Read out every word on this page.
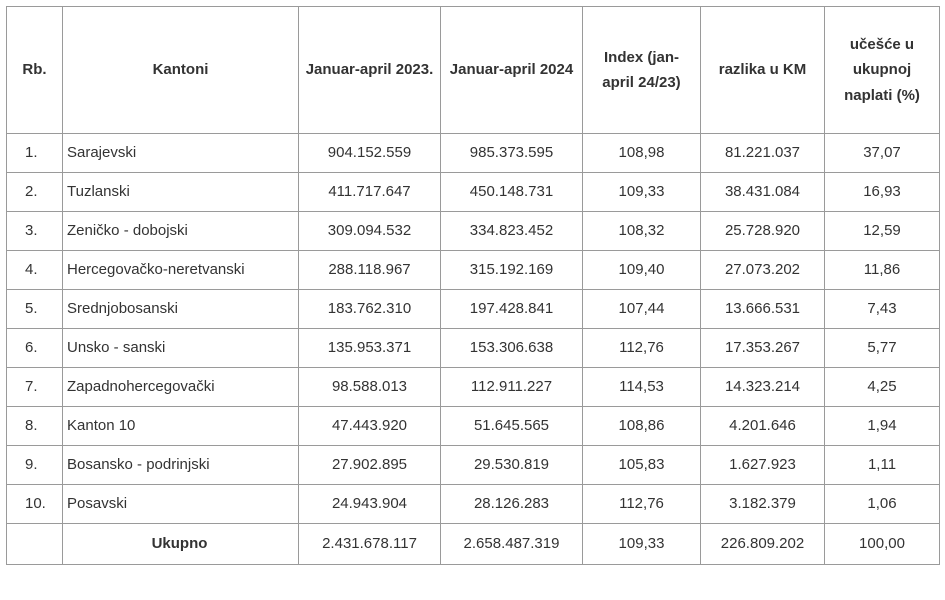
Rb.	Kantoni	Januar-april 2023.	Januar-april 2024	Index (jan-april 24/23)	razlika u KM	učešće u ukupnoj naplati (%)
1.	Sarajevski	904.152.559	985.373.595	108,98	81.221.037	37,07
2.	Tuzlanski	411.717.647	450.148.731	109,33	38.431.084	16,93
3.	Zeničko - dobojski	309.094.532	334.823.452	108,32	25.728.920	12,59
4.	Hercegovačko-neretvanski	288.118.967	315.192.169	109,40	27.073.202	11,86
5.	Srednjobosanski	183.762.310	197.428.841	107,44	13.666.531	7,43
6.	Unsko - sanski	135.953.371	153.306.638	112,76	17.353.267	5,77
7.	Zapadnohercegovački	98.588.013	112.911.227	114,53	14.323.214	4,25
8.	Kanton 10	47.443.920	51.645.565	108,86	4.201.646	1,94
9.	Bosansko - podrinjski	27.902.895	29.530.819	105,83	1.627.923	1,11
10.	Posavski	24.943.904	28.126.283	112,76	3.182.379	1,06
	Ukupno	2.431.678.117	2.658.487.319	109,33	226.809.202	100,00
